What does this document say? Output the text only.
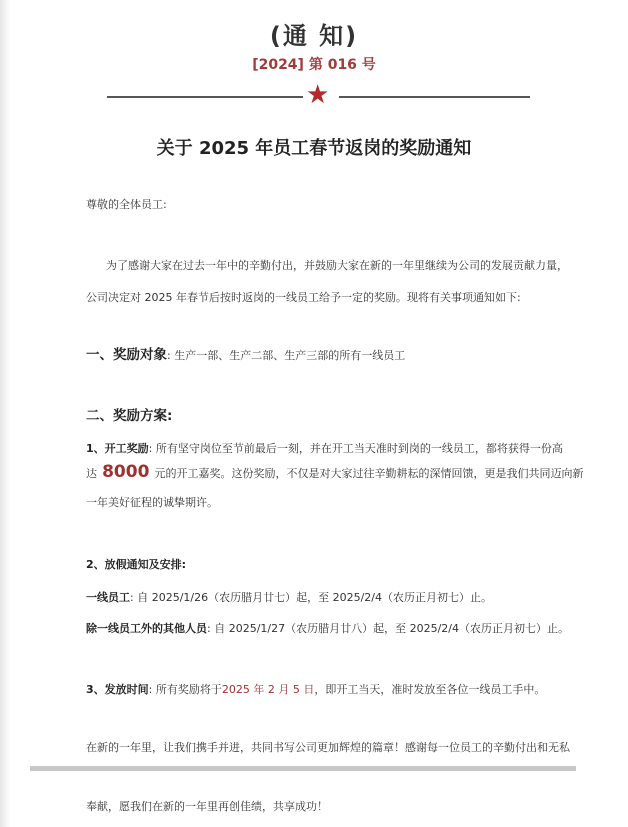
(通 知)
[2024] 第 016 号
★
关于 2025 年员工春节返岗的奖励通知
尊敬的全体员工:
为了感谢大家在过去一年中的辛勤付出，并鼓励大家在新的一年里继续为公司的发展贡献力量，
公司决定对 2025 年春节后按时返岗的一线员工给予一定的奖励。现将有关事项通知如下:
一、奖励对象: 生产一部、生产二部、生产三部的所有一线员工
二、奖励方案:
1、开工奖励: 所有坚守岗位至节前最后一刻，并在开工当天准时到岗的一线员工，都将获得一份高
达 8000 元的开工嘉奖。这份奖励，不仅是对大家过往辛勤耕耘的深情回馈，更是我们共同迈向新
一年美好征程的诚挚期许。
2、放假通知及安排:
一线员工: 自 2025/1/26（农历腊月廿七）起，至 2025/2/4（农历正月初七）止。
除一线员工外的其他人员: 自 2025/1/27（农历腊月廿八）起，至 2025/2/4（农历正月初七）止。
3、发放时间: 所有奖励将于2025 年 2 月 5 日，即开工当天，准时发放至各位一线员工手中。
在新的一年里，让我们携手并进，共同书写公司更加辉煌的篇章！感谢每一位员工的辛勤付出和无私
奉献，愿我们在新的一年里再创佳绩，共享成功！
